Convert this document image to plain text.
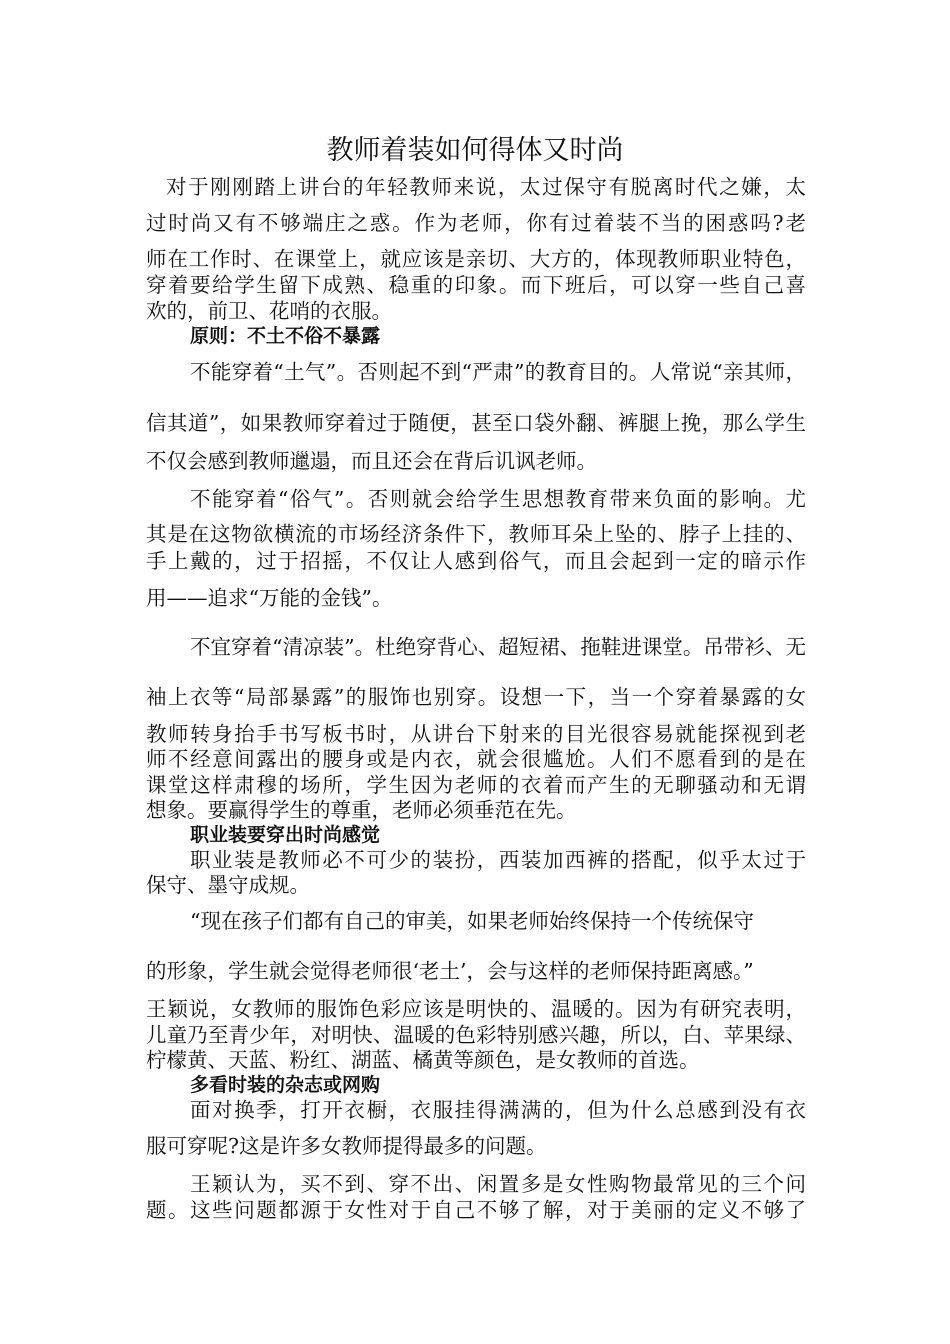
教师着装如何得体又时尚
对于刚刚踏上讲台的年轻教师来说，太过保守有脱离时代之嫌，太
过时尚又有不够端庄之惑。作为老师，你有过着装不当的困惑吗?老
师在工作时、在课堂上，就应该是亲切、大方的，体现教师职业特色，
穿着要给学生留下成熟、稳重的印象。而下班后，可以穿一些自己喜
欢的，前卫、花哨的衣服。
原则：不土不俗不暴露
不能穿着“土气”。否则起不到“严肃”的教育目的。人常说“亲其师，
信其道”，如果教师穿着过于随便，甚至口袋外翻、裤腿上挽，那么学生
不仅会感到教师邋遢，而且还会在背后讥讽老师。
不能穿着“俗气”。否则就会给学生思想教育带来负面的影响。尤
其是在这物欲横流的市场经济条件下，教师耳朵上坠的、脖子上挂的、
手上戴的，过于招摇，不仅让人感到俗气，而且会起到一定的暗示作
用——追求“万能的金钱”。
不宜穿着“清凉装”。杜绝穿背心、超短裙、拖鞋进课堂。吊带衫、无
袖上衣等“局部暴露”的服饰也别穿。设想一下，当一个穿着暴露的女
教师转身抬手书写板书时，从讲台下射来的目光很容易就能探视到老
师不经意间露出的腰身或是内衣，就会很尴尬。人们不愿看到的是在
课堂这样肃穆的场所，学生因为老师的衣着而产生的无聊骚动和无谓
想象。要赢得学生的尊重，老师必须垂范在先。
职业装要穿出时尚感觉
职业装是教师必不可少的装扮，西装加西裤的搭配，似乎太过于
保守、墨守成规。
“现在孩子们都有自己的审美，如果老师始终保持一个传统保守
的形象，学生就会觉得老师很‘老土’，会与这样的老师保持距离感。”
王颖说，女教师的服饰色彩应该是明快的、温暖的。因为有研究表明，
儿童乃至青少年，对明快、温暖的色彩特别感兴趣，所以，白、苹果绿、
柠檬黄、天蓝、粉红、湖蓝、橘黄等颜色，是女教师的首选。
多看时装的杂志或网购
面对换季，打开衣橱，衣服挂得满满的，但为什么总感到没有衣
服可穿呢?这是许多女教师提得最多的问题。
王颖认为，买不到、穿不出、闲置多是女性购物最常见的三个问
题。这些问题都源于女性对于自己不够了解，对于美丽的定义不够了
